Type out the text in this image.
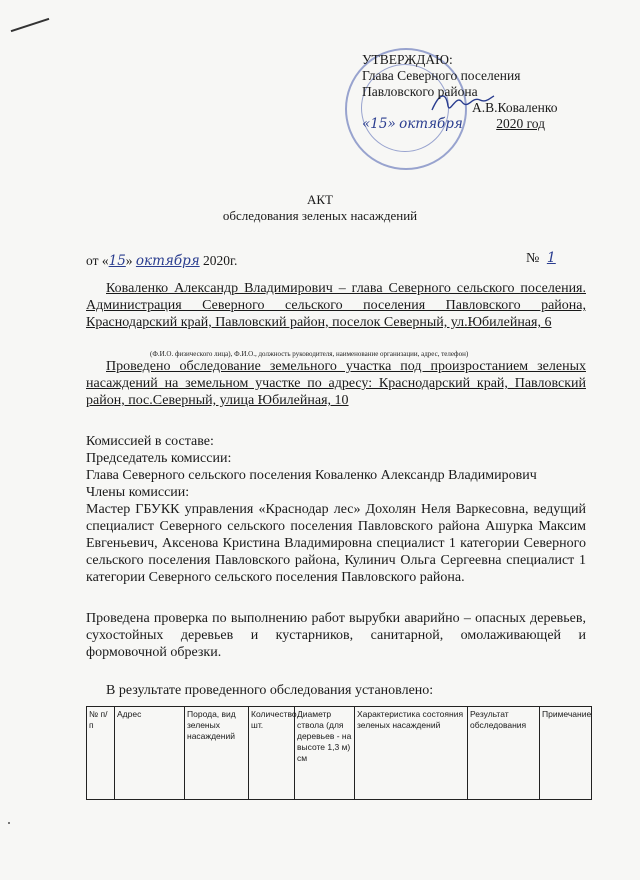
УТВЕРЖДАЮ:
Глава Северного поселения
Павловского района
А.В.Коваленко
«15» октября 2020 год
АКТ
обследования зеленых насаждений
от «15» октября 2020г.	№ 1
Коваленко Александр Владимирович – глава Северного сельского поселения. Администрация Северного сельского поселения Павловского района, Краснодарский край, Павловский район, поселок Северный, ул.Юбилейная, 6
(Ф.И.О. физического лица), Ф.И.О., должность руководителя, наименование организации, адрес, телефон)
Проведено обследование земельного участка под произростанием зеленых насаждений на земельном участке по адресу: Краснодарский край, Павловский район, пос.Северный, улица Юбилейная, 10
Комиссией в составе:
Председатель комиссии:
Глава Северного сельского поселения Коваленко Александр Владимирович
Члены комиссии:
Мастер ГБУКК управления «Краснодар лес» Дохолян Неля Варкесовна, ведущий специалист Северного сельского поселения Павловского района Ашурка Максим Евгеньевич, Аксенова Кристина Владимировна специалист 1 категории Северного сельского поселения Павловского района, Кулинич Ольга Сергеевна специалист 1 категории Северного сельского поселения Павловского района.
Проведена проверка по выполнению работ вырубки аварийно – опасных деревьев, сухостойных деревьев и кустарников, санитарной, омолаживающей и формовочной обрезки.
В результате проведенного обследования установлено:
№ п/п	Адрес	Порода, вид зеленых насаждений	Количество шт.	Диаметр ствола (для деревьев - на высоте 1,3 м) см	Характеристика состояния зеленых насаждений	Результат обследования	Примечание
